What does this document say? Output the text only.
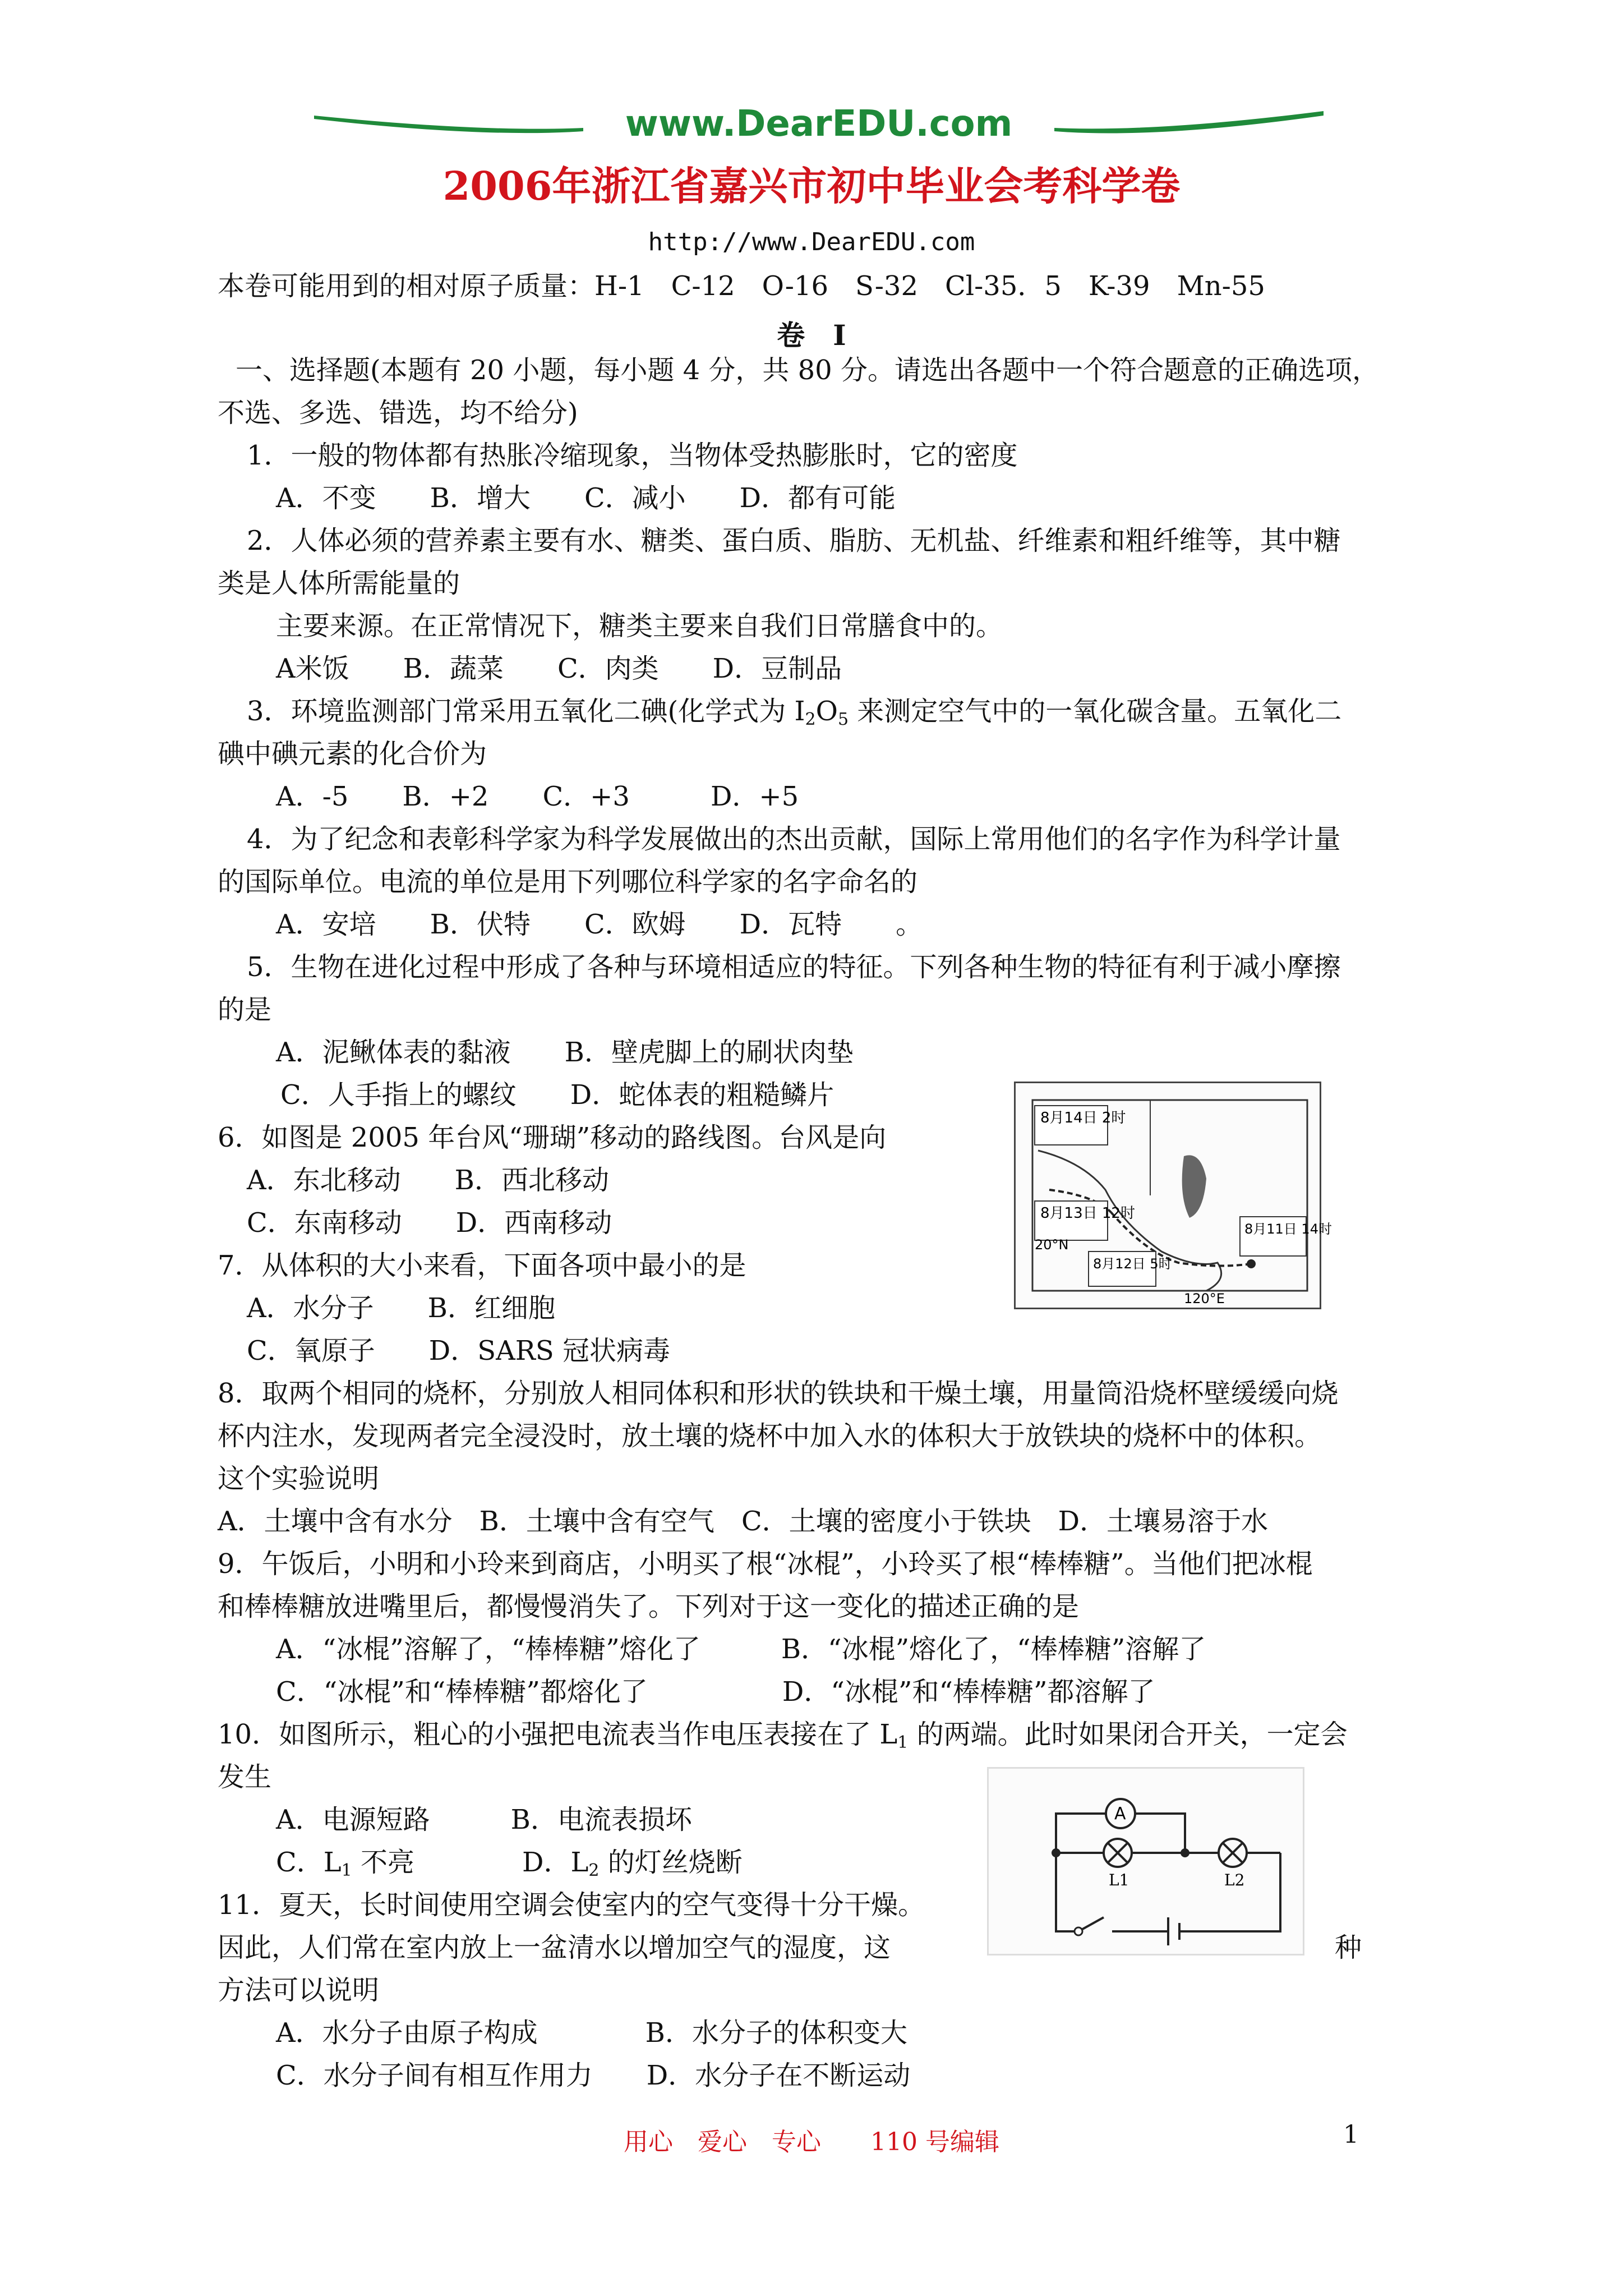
www.DearEDU.com
2006年浙江省嘉兴市初中毕业会考科学卷
http://www.DearEDU.com
本卷可能用到的相对原子质量：H-1　C-12　O-16　S-32　Cl-35．5　K-39　Mn-55
卷　I
3．环境监测部门常采用五氧化二碘(化学式为 $I_2O_5$ 来测定空气中的一氧化碳含量。五氧化二
碘中碘元素的化合价为
A．-5　　B．+2　　C．+3　　　D．+5
10．如图所示，粗心的小强把电流表当作电压表接在了 $L_1$ 的两端。此时如果闭合开关，一定会
C．$L_1$ 不亮　　　　	D．$L_2$ 的灯丝烧断
一、选择题(本题有 20 小题，每小题 4 分，共 80 分。请选出各题中一个符合题意的正确选项，
不选、多选、错选，均不给分)
1．一般的物体都有热胀冷缩现象，当物体受热膨胀时，它的密度
A．不变　　B．增大　　C．减小　　D．都有可能
2．人体必须的营养素主要有水、糖类、蛋白质、脂肪、无机盐、纤维素和粗纤维等，其中糖
类是人体所需能量的
主要来源。在正常情况下，糖类主要来自我们日常膳食中的。
A米饭　　B．蔬菜　　C．肉类　　D．豆制品
4．为了纪念和表彰科学家为科学发展做出的杰出贡献，国际上常用他们的名字作为科学计量
的国际单位。电流的单位是用下列哪位科学家的名字命名的
A．安培　　B．伏特　　C．欧姆　　D．瓦特　　。
5．生物在进化过程中形成了各种与环境相适应的特征。下列各种生物的特征有利于减小摩擦
的是
A．泥鳅体表的黏液　　B．壁虎脚上的刷状肉垫
C．人手指上的螺纹　　D．蛇体表的粗糙鳞片
6．如图是 2005 年台风“珊瑚”移动的路线图。台风是向
A．东北移动　　B．西北移动
C．东南移动　　D．西南移动
7．从体积的大小来看，下面各项中最小的是
A．水分子　　B．红细胞
C．氧原子　　D．SARS 冠状病毒
8．取两个相同的烧杯，分别放人相同体积和形状的铁块和干燥土壤，用量筒沿烧杯壁缓缓向烧
杯内注水，发现两者完全浸没时，放土壤的烧杯中加入水的体积大于放铁块的烧杯中的体积。
这个实验说明
A．土壤中含有水分　B．土壤中含有空气　C．土壤的密度小于铁块　D．土壤易溶于水
9．午饭后，小明和小玲来到商店，小明买了根“冰棍”，小玲买了根“棒棒糖”。当他们把冰棍
和棒棒糖放进嘴里后，都慢慢消失了。下列对于这一变化的描述正确的是
A．“冰棍”溶解了，“棒棒糖”熔化了　　　B．“冰棍”熔化了，“棒棒糖”溶解了
C．“冰棍”和“棒棒糖”都熔化了　　　　　D．“冰棍”和“棒棒糖”都溶解了
发生
A．电源短路　　　B．电流表损坏
11．夏天，长时间使用空调会使室内的空气变得十分干燥。
因此，人们常在室内放上一盆清水以增加空气的湿度，这	种
方法可以说明
A．水分子由原子构成　　　　B．水分子的体积变大
C．水分子间有相互作用力　　D．水分子在不断运动
8月14日 2时
8月13日 12时
8月12日 5时
8月11日 14时
20°N
120°E
A
L1	L2
用心　爱心　专心　　110 号编辑	1
